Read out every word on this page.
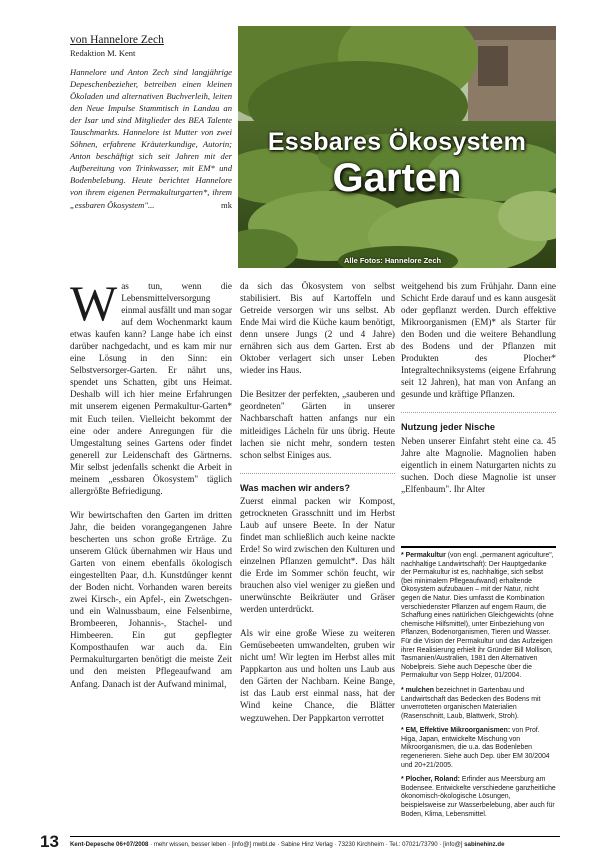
von Hannelore Zech
Redaktion M. Kent
Hannelore und Anton Zech sind langjährige Depeschenbezieher, betreiben einen kleinen Ökoladen und alternativen Buchverleih, leiten den Neue Impulse Stammtisch in Landau an der Isar und sind Mitglieder des BEA Talente Tauschmarkts. Hannelore ist Mutter von zwei Söhnen, erfahrene Kräuterkundige, Autorin; Anton beschäftigt sich seit Jahren mit der Aufbereitung von Trinkwasser, mit EM* und Bodenbelebung. Heute berichtet Hannelore von ihrem eigenen Permakulturgarten*, ihrem „essbaren Ökosystem"...	mk
Essbares Ökosystem
Garten
Alle Fotos: Hannelore Zech

Was tun, wenn die Lebensmittelversorgung einmal ausfällt und man sogar auf dem Wochenmarkt kaum etwas kaufen kann? Lange habe ich einst darüber nachgedacht, und es kam mir nur eine Lösung in den Sinn: ein Selbstversorger-Garten. Er nährt uns, spendet uns Schatten, gibt uns Heimat. Deshalb will ich hier meine Erfahrungen mit unserem eigenen Permakultur-Garten* mit Euch teilen. Vielleicht bekommt der eine oder andere Anregungen für die Umgestaltung seines Gartens oder findet generell zur Leidenschaft des Gärtnerns. Mir selbst jedenfalls schenkt die Arbeit in meinem „essbaren Ökosystem" täglich allergrößte Befriedigung.

Wir bewirtschaften den Garten im dritten Jahr, die beiden vorangegangenen Jahre bescherten uns schon große Erträge. Zu unserem Glück übernahmen wir Haus und Garten von einem ebenfalls ökologisch eingestellten Paar, d.h. Kunstdünger kennt der Boden nicht. Vorhanden waren bereits zwei Kirsch-, ein Apfel-, ein Zwetschgen- und ein Walnussbaum, eine Felsenbirne, Brombeeren, Johannis-, Stachel- und Himbeeren. Ein gut gepflegter Komposthaufen war auch da. Ein Permakulturgarten benötigt die meiste Zeit und den meisten Pflegeaufwand am Anfang. Danach ist der Aufwand minimal,

da sich das Ökosystem von selbst stabilisiert. Bis auf Kartoffeln und Getreide versorgen wir uns selbst. Ab Ende Mai wird die Küche kaum benötigt, denn unsere Jungs (2 und 4 Jahre) ernähren sich aus dem Garten. Erst ab Oktober verlagert sich unser Leben wieder ins Haus.

Die Besitzer der perfekten, „sauberen und geordneten" Gärten in unserer Nachbarschaft hatten anfangs nur ein mitleidiges Lächeln für uns übrig. Heute lachen sie nicht mehr, sondern testen schon selbst Einiges aus.

Was machen wir anders?

Zuerst einmal packen wir Kompost, getrockneten Grasschnitt und im Herbst Laub auf unsere Beete. In der Natur findet man schließlich auch keine nackte Erde! So wird zwischen den Kulturen und einzelnen Pflanzen gemulcht*. Das hält die Erde im Sommer schön feucht, wir brauchen also viel weniger zu gießen und unerwünschte Beikräuter und Gräser werden unterdrückt.

Als wir eine große Wiese zu weiteren Gemüsebeeten umwandelten, gruben wir nicht um! Wir legten im Herbst alles mit Pappkarton aus und holten uns Laub aus den Gärten der Nachbarn. Keine Bange, ist das Laub erst einmal nass, hat der Wind keine Chance, die Blätter wegzuwehen. Der Pappkarton verrottet

weitgehend bis zum Frühjahr. Dann eine Schicht Erde darauf und es kann ausgesät oder gepflanzt werden. Durch effektive Mikroorganismen (EM)* als Starter für den Boden und die weitere Behandlung des Bodens und der Pflanzen mit Produkten des Plocher* Integraltechniksystems (eigene Erfahrung seit 12 Jahren), hat man von Anfang an gesunde und kräftige Pflanzen.

Nutzung jeder Nische

Neben unserer Einfahrt steht eine ca. 45 Jahre alte Magnolie. Magnolien haben eigentlich in einem Naturgarten nichts zu suchen. Doch diese Magnolie ist unser „Elfenbaum". Ihr Alter

* Permakultur (von engl. „permanent agriculture", nachhaltige Landwirtschaft): Der Hauptgedanke der Permakultur ist es, nachhaltige, sich selbst (bei minimalem Pflegeaufwand) erhaltende Ökosystem aufzubauen – mit der Natur, nicht gegen die Natur. Dies umfasst die Kombination verschiedenster Pflanzen auf engem Raum, die Schaffung eines natürlichen Gleichgewichts (ohne chemische Hilfsmittel), unter Einbeziehung von Pflanzen, Bodenorganismen, Tieren und Wasser. Für die Vision der Permakultur und das Aufzeigen ihrer Realisierung erhielt ihr Gründer Bill Mollison, Tasmanien/Australien, 1981 den Alternativen Nobelpreis. Siehe auch Depesche über die Permakultur von Sepp Holzer, 01/2004.

* mulchen bezeichnet in Gartenbau und Landwirtschaft das Bedecken des Bodens mit unverrotteten organischen Materialien (Rasenschnitt, Laub, Blattwerk, Stroh).

* EM, Effektive Mikroorganismen: von Prof. Higa, Japan, entwickelte Mischung von Mikroorganismen, die u.a. das Bodenleben regenerieren. Siehe auch Dep. über EM 30/2004 und 20+21/2005.

* Plocher, Roland: Erfinder aus Meersburg am Bodensee. Entwickelte verschiedene ganzheitliche ökonomisch-ökologische Lösungen, beispielsweise zur Wasserbelebung, aber auch für Boden, Klima, Lebensmittel.

13 Kent-Depesche 06+07/2008 · mehr wissen, besser leben · [info@] mwbl.de · Sabine Hinz Verlag · 73230 Kirchheim · Tel.: 07021/73790 · [info@] sabinehinz.de
